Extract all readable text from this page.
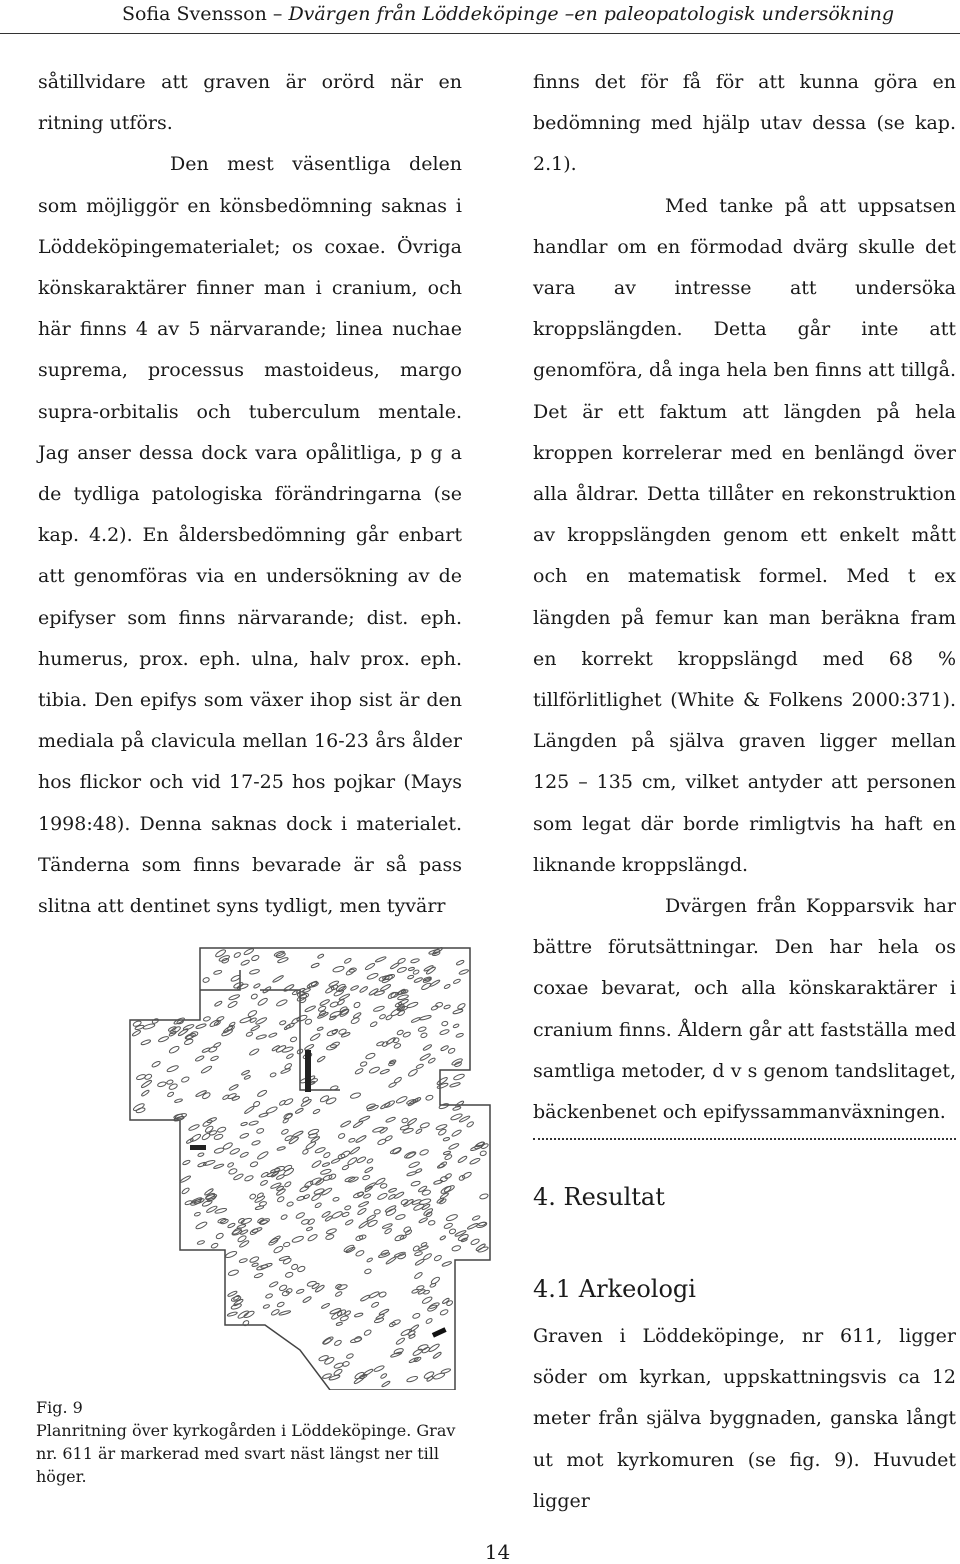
Sofia Svensson – Dvärgen från Löddeköpinge –en paleopatologisk undersökning

såtillvidare att graven är orörd när en ritning utförs.

Den mest väsentliga delen som möjliggör en könsbedömning saknas i Löddeköpingematerialet; os coxae. Övriga könskaraktärer finner man i cranium, och här finns 4 av 5 närvarande; linea nuchae suprema, processus mastoideus, margo supra-orbitalis och tuberculum mentale. Jag anser dessa dock vara opålitliga, p g a de tydliga patologiska förändringarna (se kap. 4.2). En åldersbedömning går enbart att genomföras via en undersökning av de epifyser som finns närvarande; dist. eph. humerus, prox. eph. ulna, halv prox. eph. tibia. Den epifys som växer ihop sist är den mediala på clavicula mellan 16-23 års ålder hos flickor och vid 17-25 hos pojkar (Mays 1998:48). Denna saknas dock i materialet. Tänderna som finns bevarade är så pass slitna att dentinet syns tydligt, men tyvärr

finns det för få för att kunna göra en bedömning med hjälp utav dessa (se kap. 2.1).

Med tanke på att uppsatsen handlar om en förmodad dvärg skulle det vara av intresse att undersöka kroppslängden. Detta går inte att genomföra, då inga hela ben finns att tillgå. Det är ett faktum att längden på hela kroppen korrelerar med en benlängd över alla åldrar. Detta tillåter en rekonstruktion av kroppslängden genom ett enkelt mått och en matematisk formel. Med t ex längden på femur kan man beräkna fram en korrekt kroppslängd med 68 % tillförlitlighet (White & Folkens 2000:371). Längden på själva graven ligger mellan 125 – 135 cm, vilket antyder att personen som legat där borde rimligtvis ha haft en liknande kroppslängd.

Dvärgen från Kopparsvik har bättre förutsättningar. Den har hela os coxae bevarat, och alla könskaraktärer i cranium finns. Åldern går att fastställa med samtliga metoder, d v s genom tandslitaget, bäckenbenet och epifyssammanväxningen.

4. Resultat
4.1 Arkeologi

Graven i Löddeköpinge, nr 611, ligger söder om kyrkan, uppskattningsvis ca 12 meter från själva byggnaden, ganska långt ut mot kyrkomuren (se fig. 9). Huvudet ligger

Fig. 9

Planritning över kyrkogården i Löddeköpinge. Grav nr. 611 är markerad med svart näst längst ner till höger.

14
